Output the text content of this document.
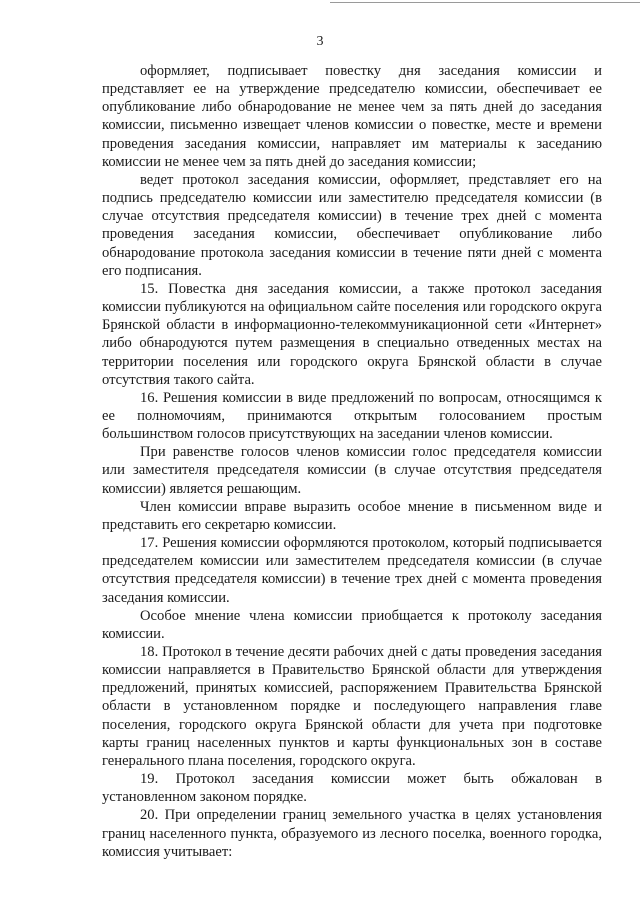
3

оформляет, подписывает повестку дня заседания комиссии и представляет ее на утверждение председателю комиссии, обеспечивает ее опубликование либо обнародование не менее чем за пять дней до заседания комиссии, письменно извещает членов комиссии о повестке, месте и времени проведения заседания комиссии, направляет им материалы к заседанию комиссии не менее чем за пять дней до заседания комиссии;

ведет протокол заседания комиссии, оформляет, представляет его на подпись председателю комиссии или заместителю председателя комиссии (в случае отсутствия председателя комиссии) в течение трех дней с момента проведения заседания комиссии, обеспечивает опубликование либо обнародование протокола заседания комиссии в течение пяти дней с момента его подписания.

15. Повестка дня заседания комиссии, а также протокол заседания комиссии публикуются на официальном сайте поселения или городского округа Брянской области в информационно-телекоммуникационной сети «Интернет» либо обнародуются путем размещения в специально отведенных местах на территории поселения или городского округа Брянской области в случае отсутствия такого сайта.

16. Решения комиссии в виде предложений по вопросам, относящимся к ее полномочиям, принимаются открытым голосованием простым большинством голосов присутствующих на заседании членов комиссии.

При равенстве голосов членов комиссии голос председателя комиссии или заместителя председателя комиссии (в случае отсутствия председателя комиссии) является решающим.

Член комиссии вправе выразить особое мнение в письменном виде и представить его секретарю комиссии.

17. Решения комиссии оформляются протоколом, который подписывается председателем комиссии или заместителем председателя комиссии (в случае отсутствия председателя комиссии) в течение трех дней с момента проведения заседания комиссии.

Особое мнение члена комиссии приобщается к протоколу заседания комиссии.

18. Протокол в течение десяти рабочих дней с даты проведения заседания комиссии направляется в Правительство Брянской области для утверждения предложений, принятых комиссией, распоряжением Правительства Брянской области в установленном порядке и последующего направления главе поселения, городского округа Брянской области для учета при подготовке карты границ населенных пунктов и карты функциональных зон в составе генерального плана поселения, городского округа.

19. Протокол заседания комиссии может быть обжалован в установленном законом порядке.

20. При определении границ земельного участка в целях установления границ населенного пункта, образуемого из лесного поселка, военного городка, комиссия учитывает:
